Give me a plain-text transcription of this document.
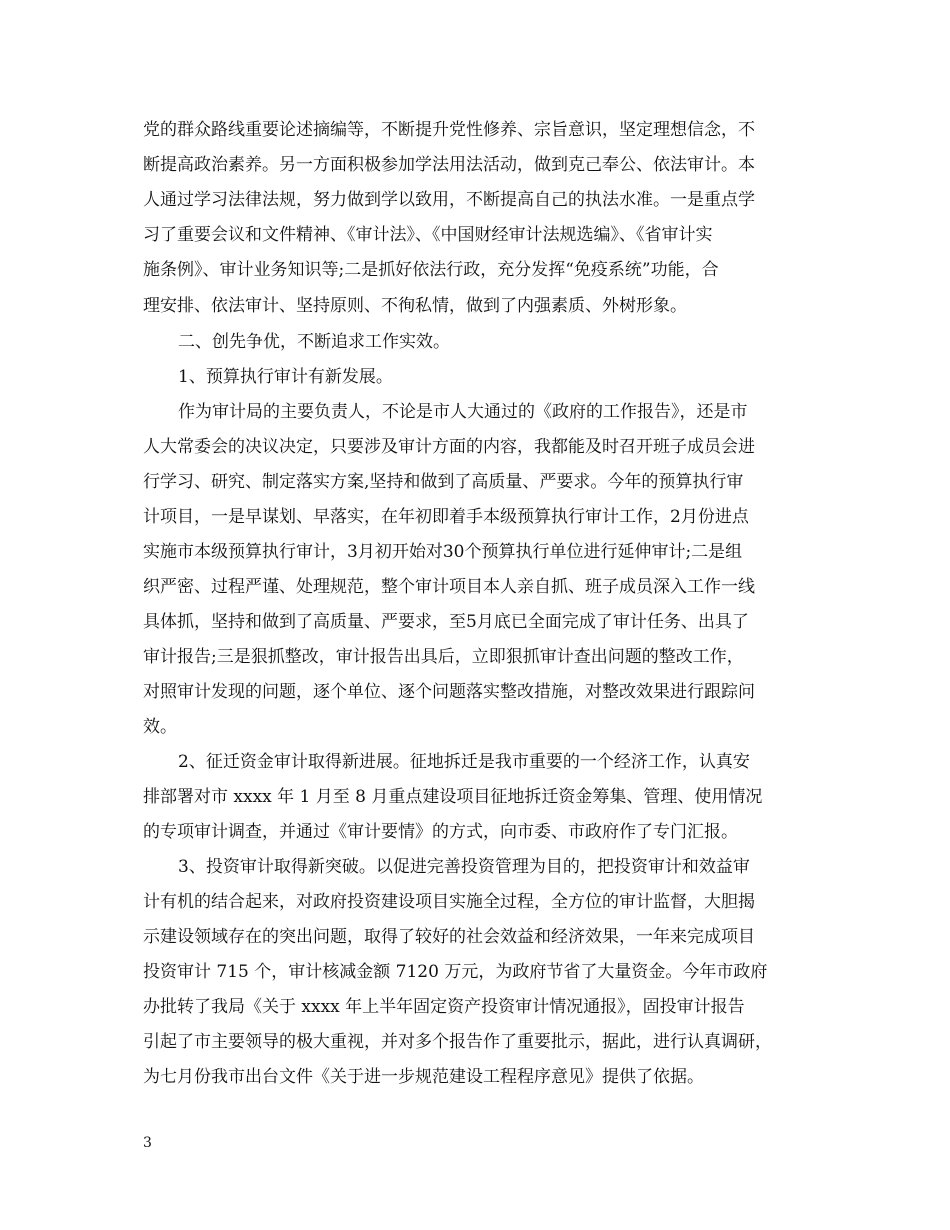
党的群众路线重要论述摘编等，不断提升党性修养、宗旨意识，坚定理想信念，不
断提高政治素养。另一方面积极参加学法用法活动，做到克己奉公、依法审计。本
人通过学习法律法规，努力做到学以致用，不断提高自己的执法水准。一是重点学
习了重要会议和文件精神、《审计法》、《中国财经审计法规选编》、《省审计实
施条例》、审计业务知识等;二是抓好依法行政，充分发挥“免疫系统”功能，合
理安排、依法审计、坚持原则、不徇私情，做到了内强素质、外树形象。
二、创先争优，不断追求工作实效。
1、预算执行审计有新发展。
作为审计局的主要负责人，不论是市人大通过的《政府的工作报告》，还是市
人大常委会的决议决定，只要涉及审计方面的内容，我都能及时召开班子成员会进
行学习、研究、制定落实方案,坚持和做到了高质量、严要求。今年的预算执行审
计项目，一是早谋划、早落实，在年初即着手本级预算执行审计工作，2月份进点
实施市本级预算执行审计，3月初开始对30个预算执行单位进行延伸审计;二是组
织严密、过程严谨、处理规范，整个审计项目本人亲自抓、班子成员深入工作一线
具体抓，坚持和做到了高质量、严要求，至5月底已全面完成了审计任务、出具了
审计报告;三是狠抓整改，审计报告出具后，立即狠抓审计查出问题的整改工作，
对照审计发现的问题，逐个单位、逐个问题落实整改措施，对整改效果进行跟踪问
效。
2、征迁资金审计取得新进展。征地拆迁是我市重要的一个经济工作，认真安
排部署对市 xxxx 年 1 月至 8 月重点建设项目征地拆迁资金筹集、管理、使用情况
的专项审计调查，并通过《审计要情》的方式，向市委、市政府作了专门汇报。
3、投资审计取得新突破。以促进完善投资管理为目的，把投资审计和效益审
计有机的结合起来，对政府投资建设项目实施全过程，全方位的审计监督，大胆揭
示建设领域存在的突出问题，取得了较好的社会效益和经济效果，一年来完成项目
投资审计 715 个，审计核减金额 7120 万元，为政府节省了大量资金。今年市政府
办批转了我局《关于 xxxx 年上半年固定资产投资审计情况通报》，固投审计报告
引起了市主要领导的极大重视，并对多个报告作了重要批示，据此，进行认真调研，
为七月份我市出台文件《关于进一步规范建设工程程序意见》提供了依据。
3
